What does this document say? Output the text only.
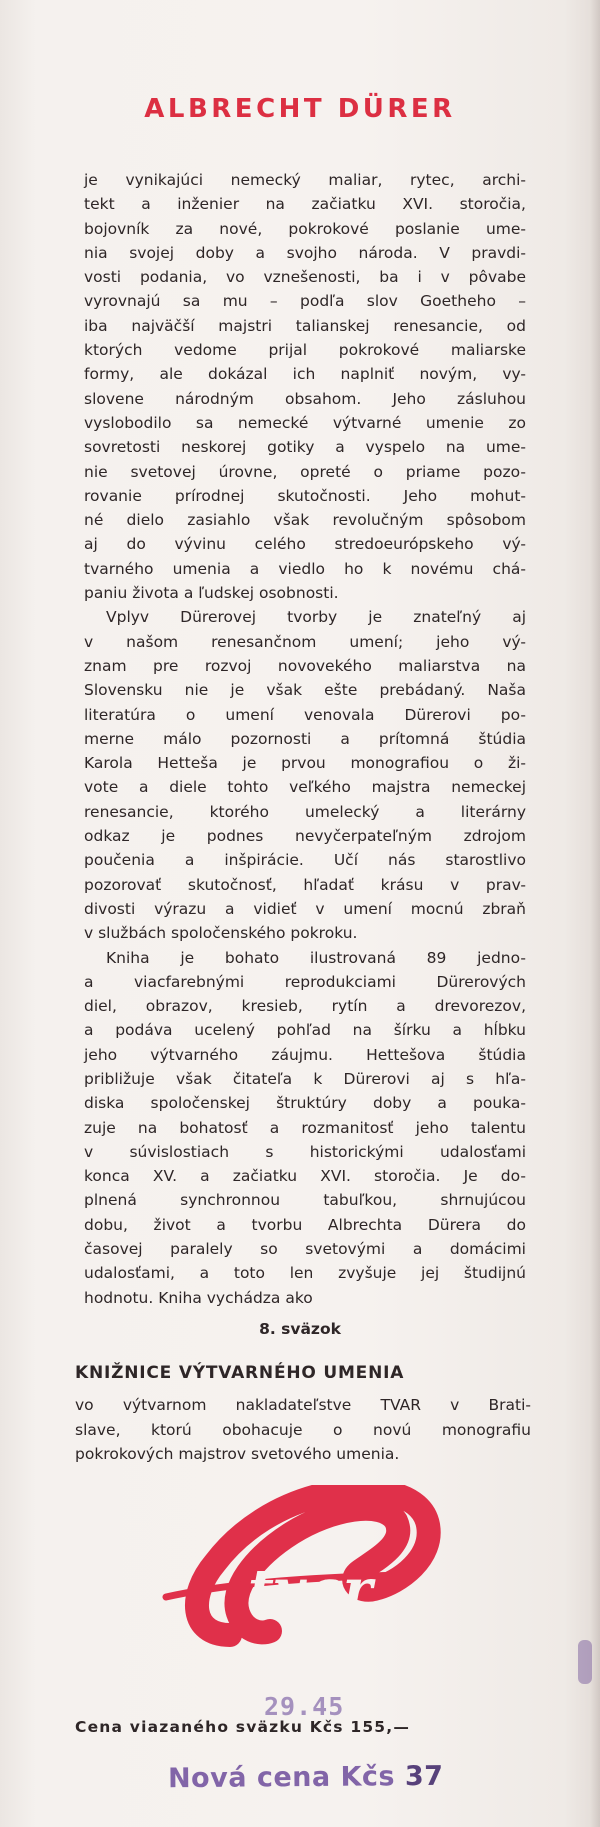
ALBRECHT DÜRER
je vynikajúci nemecký maliar, rytec, archi-
tekt a inženier na začiatku XVI. storočia,
bojovník za nové, pokrokové poslanie ume-
nia svojej doby a svojho národa. V pravdi-
vosti podania, vo vznešenosti, ba i v pôvabe
vyrovnajú sa mu – podľa slov Goetheho –
iba najväčší majstri talianskej renesancie, od
ktorých vedome prijal pokrokové maliarske
formy, ale dokázal ich naplniť novým, vy-
slovene národným obsahom. Jeho zásluhou
vyslobodilo sa nemecké výtvarné umenie zo
sovretosti neskorej gotiky a vyspelo na ume-
nie svetovej úrovne, opreté o priame pozo-
rovanie prírodnej skutočnosti. Jeho mohut-
né dielo zasiahlo však revolučným spôsobom
aj do vývinu celého stredoeurópskeho vý-
tvarného umenia a viedlo ho k novému chá-
paniu života a ľudskej osobnosti.
Vplyv Dürerovej tvorby je znateľný aj
v našom renesančnom umení; jeho vý-
znam pre rozvoj novovekého maliarstva na
Slovensku nie je však ešte prebádaný. Naša
literatúra o umení venovala Dürerovi po-
merne málo pozornosti a prítomná štúdia
Karola Hetteša je prvou monografiou o ži-
vote a diele tohto veľkého majstra nemeckej
renesancie, ktorého umelecký a literárny
odkaz je podnes nevyčerpateľným zdrojom
poučenia a inšpirácie. Učí nás starostlivo
pozorovať skutočnosť, hľadať krásu v prav-
divosti výrazu a vidieť v umení mocnú zbraň
v službách spoločenského pokroku.
Kniha je bohato ilustrovaná 89 jedno-
a viacfarebnými reprodukciami Dürerových
diel, obrazov, kresieb, rytín a drevorezov,
a podáva ucelený pohľad na šírku a hĺbku
jeho výtvarného záujmu. Hettešova štúdia
približuje však čitateľa k Dürerovi aj s hľa-
diska spoločenskej štruktúry doby a pouka-
zuje na bohatosť a rozmanitosť jeho talentu
v súvislostiach s historickými udalosťami
konca XV. a začiatku XVI. storočia. Je do-
plnená synchronnou tabuľkou, shrnujúcou
dobu, život a tvorbu Albrechta Dürera do
časovej paralely so svetovými a domácimi
udalosťami, a toto len zvyšuje jej študijnú
hodnotu. Kniha vychádza ako
8. sväzok
KNIŽNICE VÝTVARNÉHO UMENIA
vo výtvarnom nakladateľstve TVAR v Brati-
slave, ktorú obohacuje o novú monografiu
pokrokových majstrov svetového umenia.
tvar
29.45
Cena viazaného sväzku Kčs 155,—
Nová cena Kčs 37
